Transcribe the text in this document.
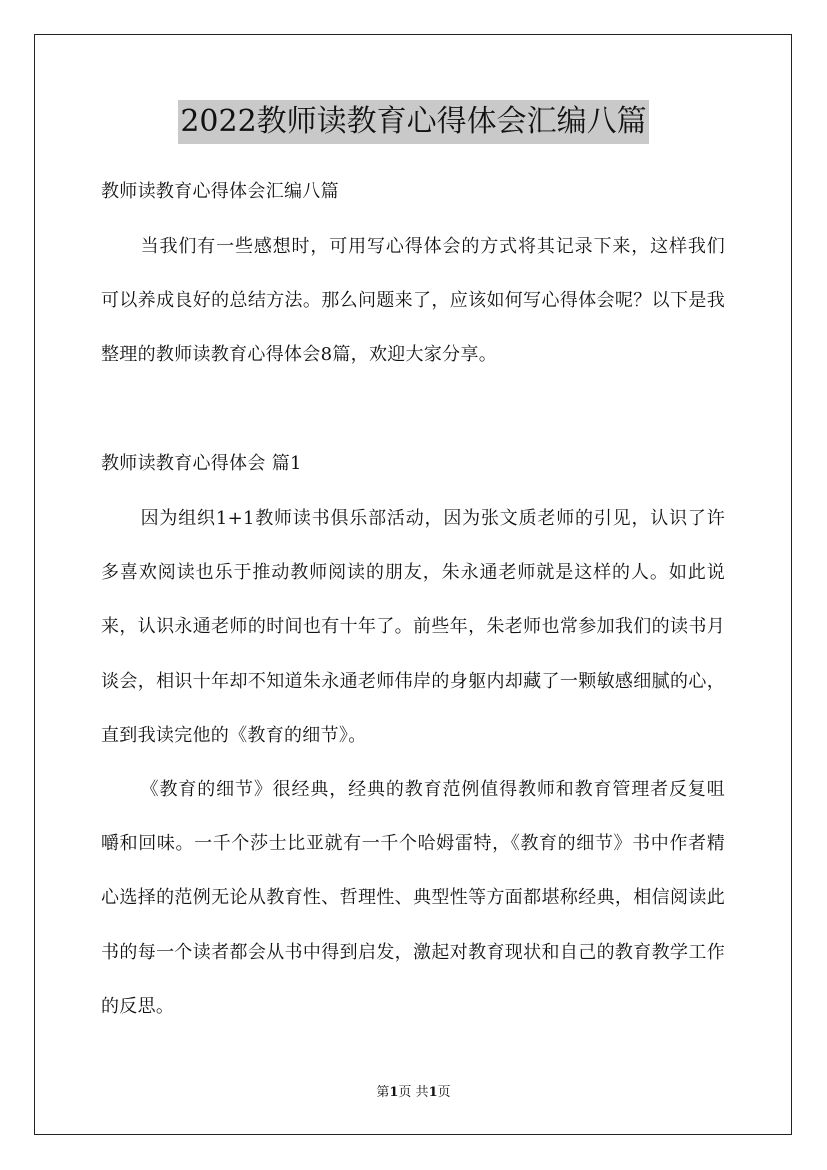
2022教师读教育心得体会汇编八篇

教师读教育心得体会汇编八篇

当我们有一些感想时，可用写心得体会的方式将其记录下来，这样我们可以养成良好的总结方法。那么问题来了，应该如何写心得体会呢？以下是我整理的教师读教育心得体会8篇，欢迎大家分享。

教师读教育心得体会 篇1

因为组织1+1教师读书俱乐部活动，因为张文质老师的引见，认识了许多喜欢阅读也乐于推动教师阅读的朋友，朱永通老师就是这样的人。如此说来，认识永通老师的时间也有十年了。前些年，朱老师也常参加我们的读书月谈会，相识十年却不知道朱永通老师伟岸的身躯内却藏了一颗敏感细腻的心，直到我读完他的《教育的细节》。

《教育的细节》很经典，经典的教育范例值得教师和教育管理者反复咀嚼和回味。一千个莎士比亚就有一千个哈姆雷特，《教育的细节》书中作者精心选择的范例无论从教育性、哲理性、典型性等方面都堪称经典，相信阅读此书的每一个读者都会从书中得到启发，激起对教育现状和自己的教育教学工作的反思。

第1页 共1页
